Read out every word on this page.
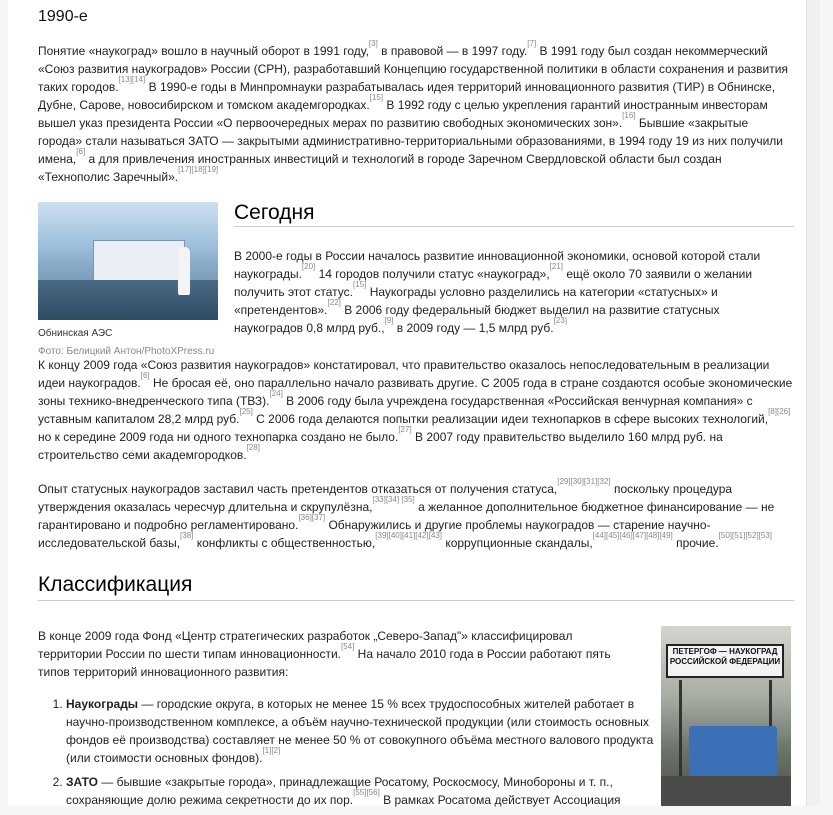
1990-е

Понятие «наукоград» вошло в научный оборот в 1991 году,[3] в правовой — в 1997 году.[7] В 1991 году был создан некоммерческий «Союз развития наукоградов» России (СРН), разработавший Концепцию государственной политики в области сохранения и развития таких городов.[13][14] В 1990-е годы в Минпромнауки разрабатывалась идея территорий инновационного развития (ТИР) в Обнинске, Дубне, Сарове, новосибирском и томском академгородках.[15] В 1992 году с целью укрепления гарантий иностранным инвесторам вышел указ президента России «О первоочередных мерах по развитию свободных экономических зон».[16] Бывшие «закрытые города» стали называться ЗАТО — закрытыми административно-территориальными образованиями, в 1994 году 19 из них получили имена,[6] а для привлечения иностранных инвестиций и технологий в городе Заречном Свердловской области был создан «Технополис Заречный».[17][18][19]

Обнинская АЭС
Фото: Белицкий Антон/PhotoXPress.ru
Сегодня

В 2000-е годы в России началось развитие инновационной экономики, основой которой стали наукограды.[20] 14 городов получили статус «наукоград»,[21] ещё около 70 заявили о желании получить этот статус.[15] Наукограды условно разделились на категории «статусных» и «претендентов».[22] В 2006 году федеральный бюджет выделил на развитие статусных наукоградов 0,8 млрд руб.,[9] в 2009 году — 1,5 млрд руб.[23]

К концу 2009 года «Союз развития наукоградов» констатировал, что правительство оказалось непоследовательным в реализации идеи наукоградов.[6] Не бросая её, оно параллельно начало развивать другие. С 2005 года в стране создаются особые экономические зоны технико-внедренческого типа (ТВЗ).[24] В 2006 году была учреждена государственная «Российская венчурная компания» с уставным капиталом 28,2 млрд руб.[25] С 2006 года делаются попытки реализации идеи технопарков в сфере высоких технологий,[8][26] но к середине 2009 года ни одного технопарка создано не было.[27] В 2007 году правительство выделило 160 млрд руб. на строительство семи академгородков.[28]

Опыт статусных наукоградов заставил часть претендентов отказаться от получения статуса,[29][30][31][32] поскольку процедура утверждения оказалась чересчур длительна и скрупулёзна,[33][34] [35] а желанное дополнительное бюджетное финансирование — не гарантировано и подробно регламентировано.[36][37] Обнаружились и другие проблемы наукоградов — старение научно-исследовательской базы,[38] конфликты с общественностью,[39][40][41][42][43] коррупционные скандалы,[44][45][46][47][48][49] прочие.[50][51][52][53]

Классификация

В конце 2009 года Фонд «Центр стратегических разработок „Северо-Запад"» классифицировал территории России по шести типам инновационности.[54] На начало 2010 года в России работают пять типов территорий инновационного развития:

1. Наукограды — городские округа, в которых не менее 15 % всех трудоспособных жителей работает в научно-производственном комплексе, а объём научно-технической продукции (или стоимость основных фондов её производства) составляет не менее 50 % от совокупного объёма местного валового продукта (или стоимости основных фондов).[1][2]
2. ЗАТО — бывшие «закрытые города», принадлежащие Росатому, Роскосмосу, Минобороны и т. п., сохраняющие долю режима секретности до их пор.[55][56] В рамках Росатома действует Ассоциация
ПЕТЕРГОФ — НАУКОГРАД
РОССИЙСКОЙ ФЕДЕРАЦИИ
